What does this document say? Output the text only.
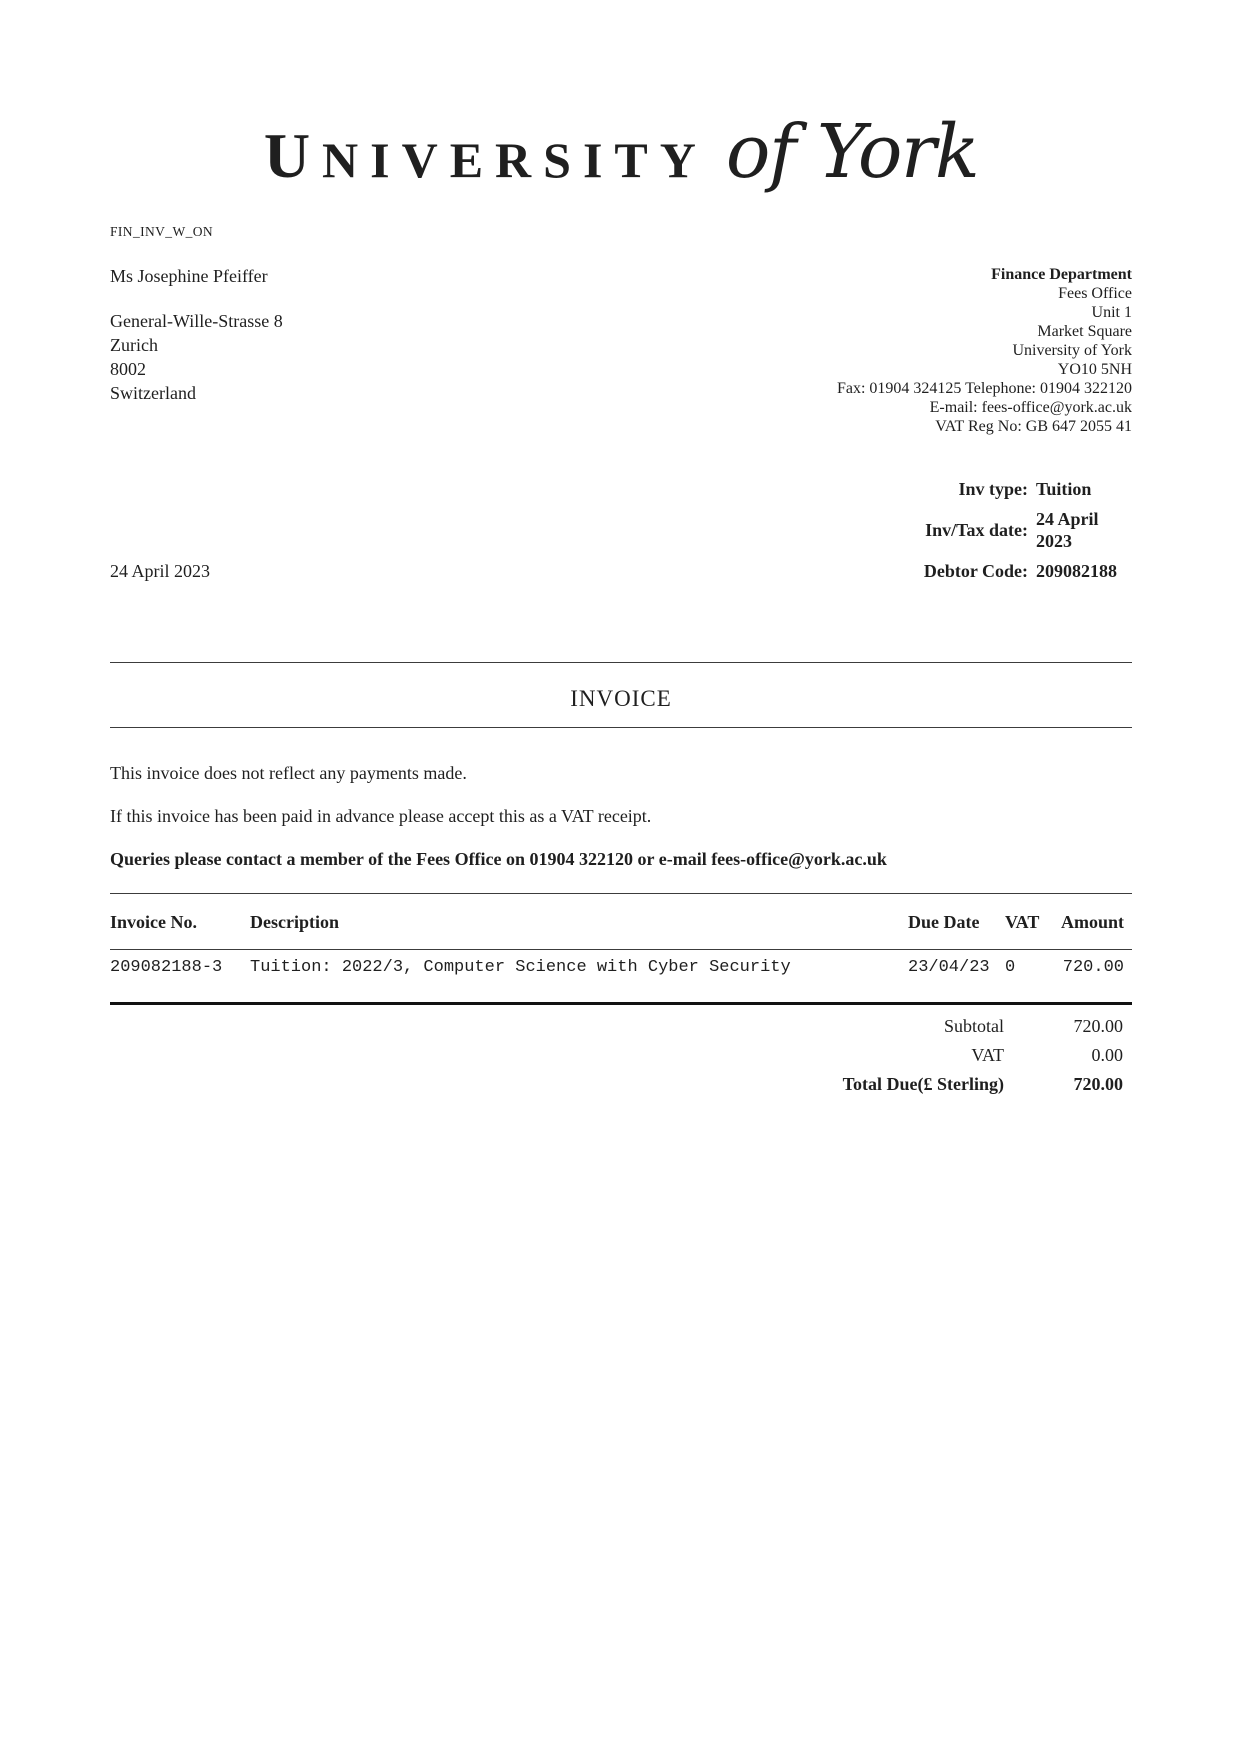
UNIVERSITY of York
FIN_INV_W_ON
Ms Josephine Pfeiffer
General-Wille-Strasse 8
Zurich
8002
Switzerland
Finance Department
Fees Office
Unit 1
Market Square
University of York
YO10 5NH
Fax: 01904 324125 Telephone: 01904 322120
E-mail: fees-office@york.ac.uk
VAT Reg No: GB 647 2055 41
Inv type: Tuition
Inv/Tax date:
24 April 2023
24 April 2023	Debtor Code: 209082188
INVOICE
This invoice does not reflect any payments made.
If this invoice has been paid in advance please accept this as a VAT receipt.
Queries please contact a member of the Fees Office on 01904 322120 or e-mail fees-office@york.ac.uk
Invoice No.	Description	Due Date	VAT	Amount
209082188-3	Tuition: 2022/3, Computer Science with Cyber Security	23/04/23 0	720.00
Subtotal	720.00
VAT	0.00
Total Due(£ Sterling)	720.00
